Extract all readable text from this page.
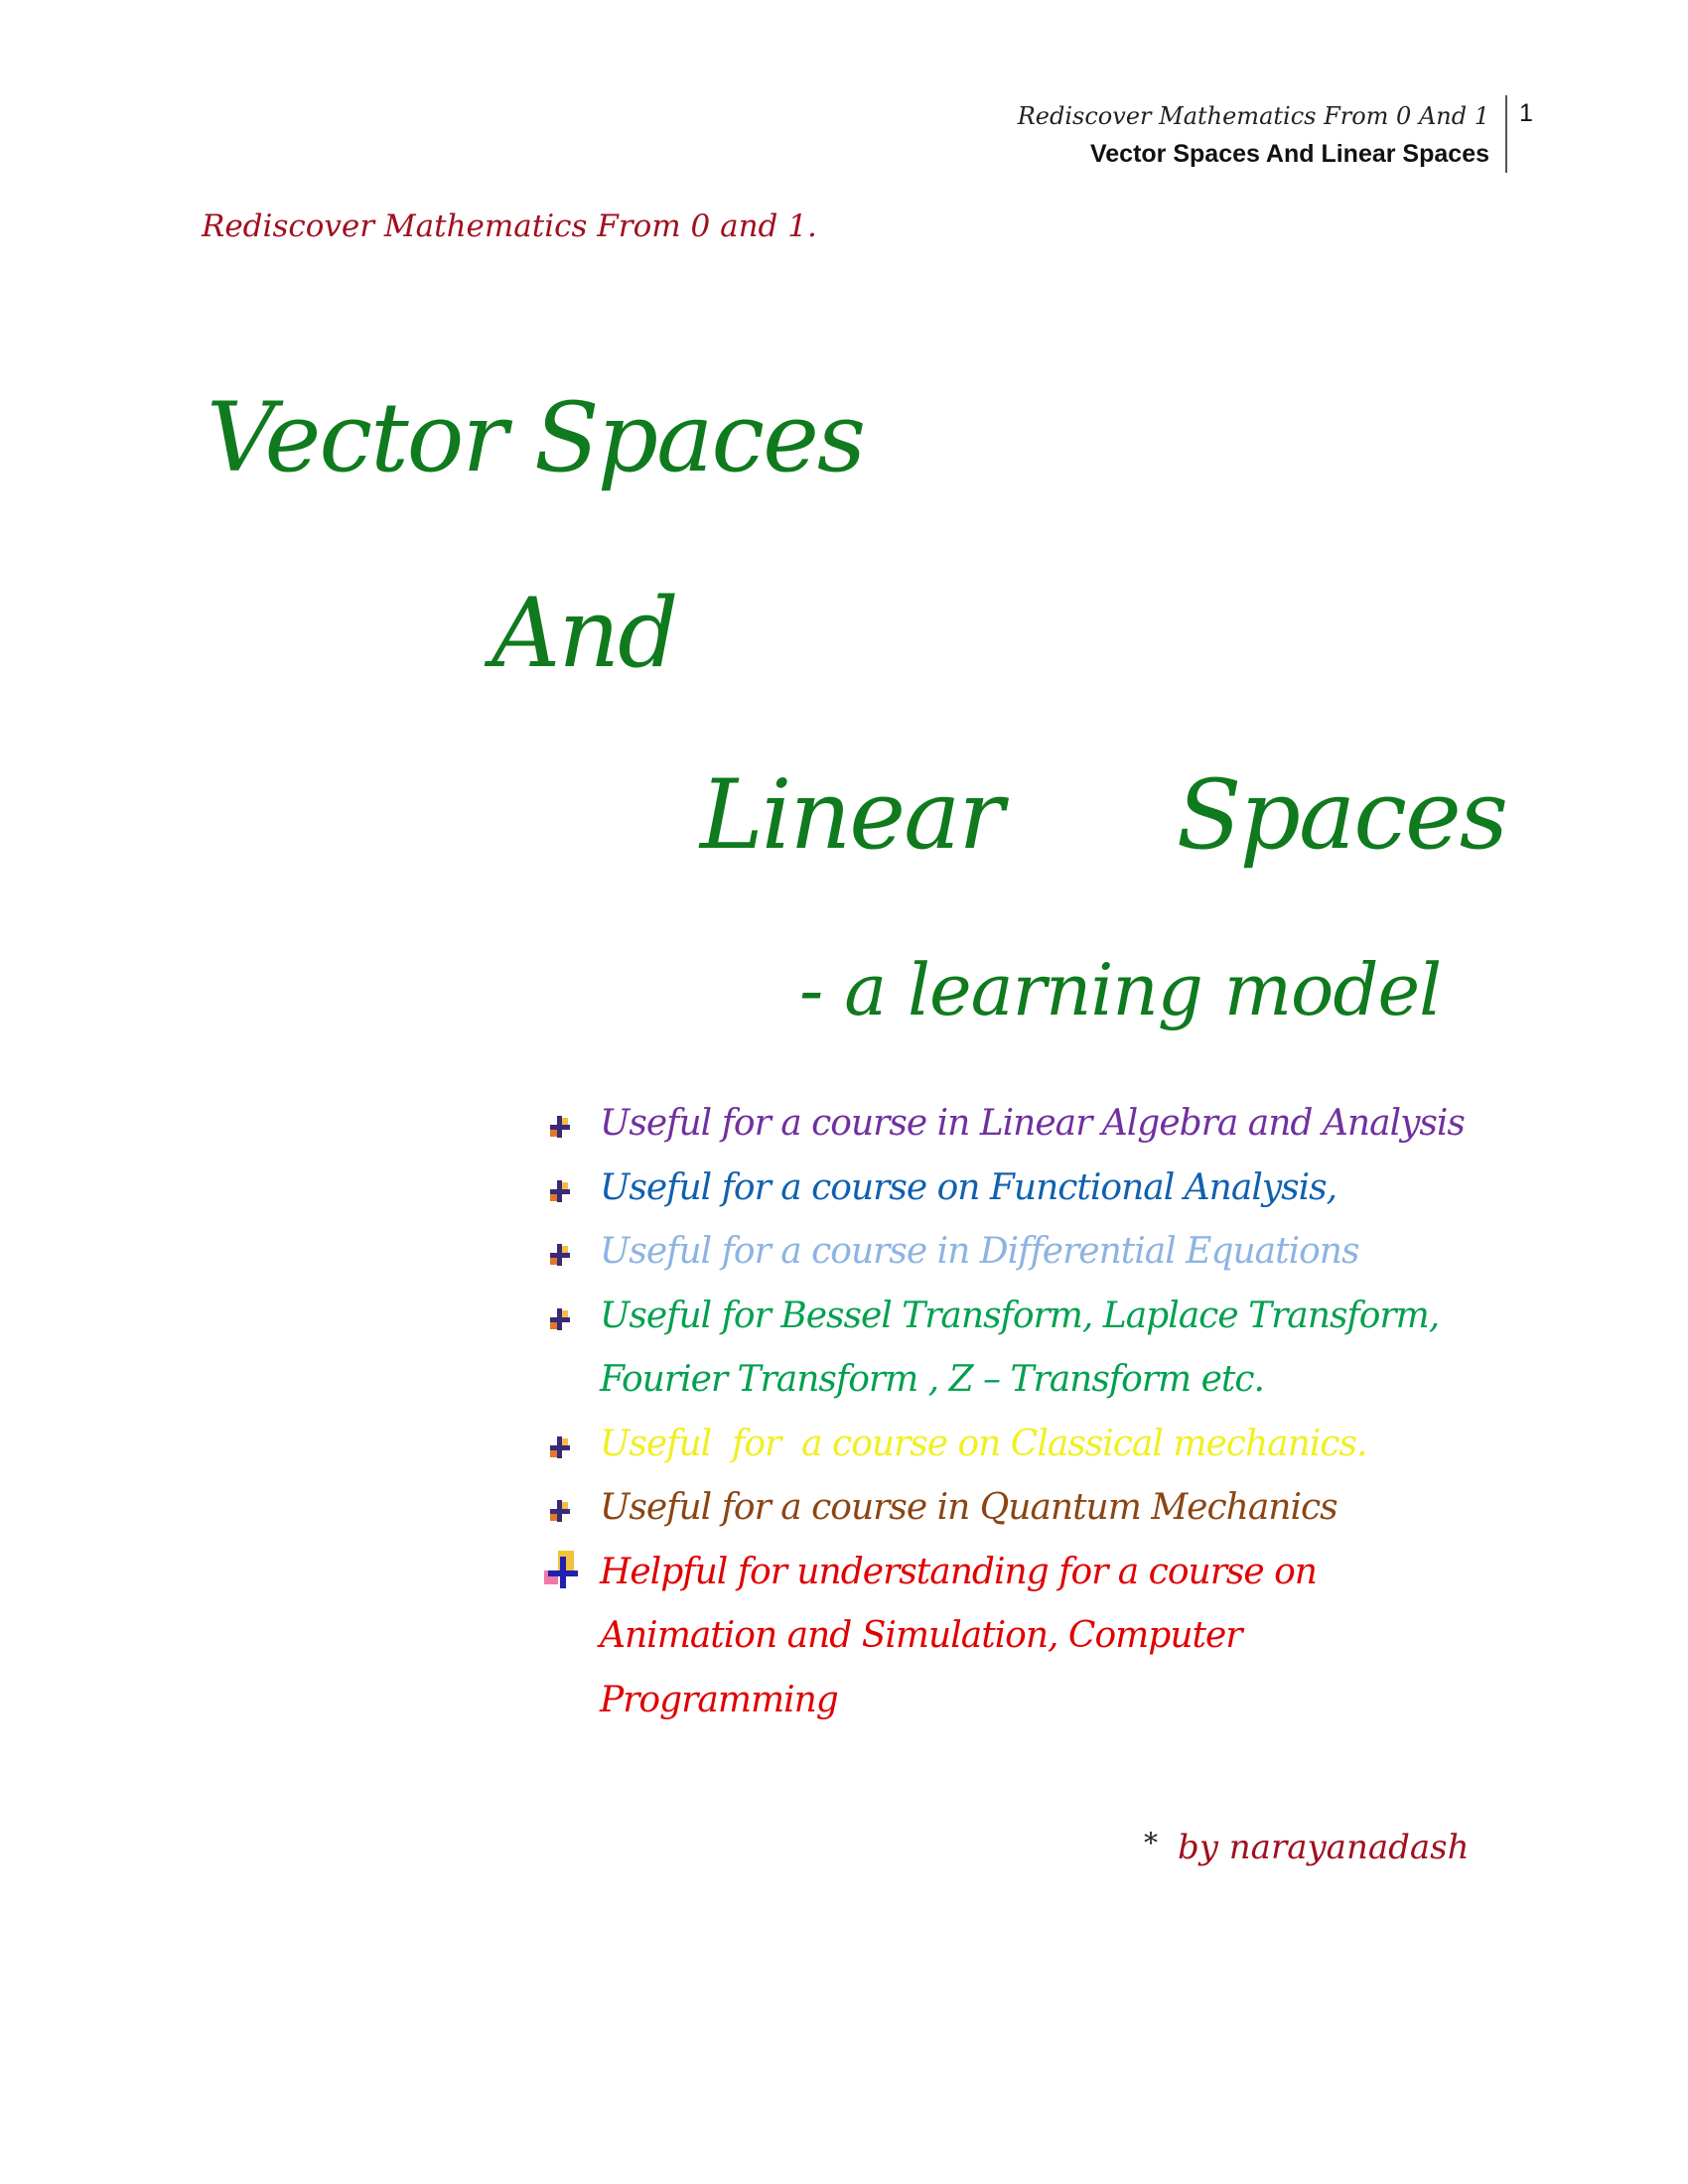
Rediscover Mathematics From 0 And 1
Vector Spaces And Linear Spaces
1
Rediscover Mathematics From 0 and 1.
Vector Spaces
And
Linear   Spaces
- a learning model
Useful for a course in Linear Algebra and Analysis
Useful for a course on Functional Analysis,
Useful for a course in Differential Equations
Useful for Bessel Transform, Laplace Transform,
Fourier Transform , Z – Transform etc.
Useful  for  a course on Classical mechanics.
Useful for a course in Quantum Mechanics
Helpful for understanding for a course on
Animation and Simulation, Computer
Programming
* by narayanadash
